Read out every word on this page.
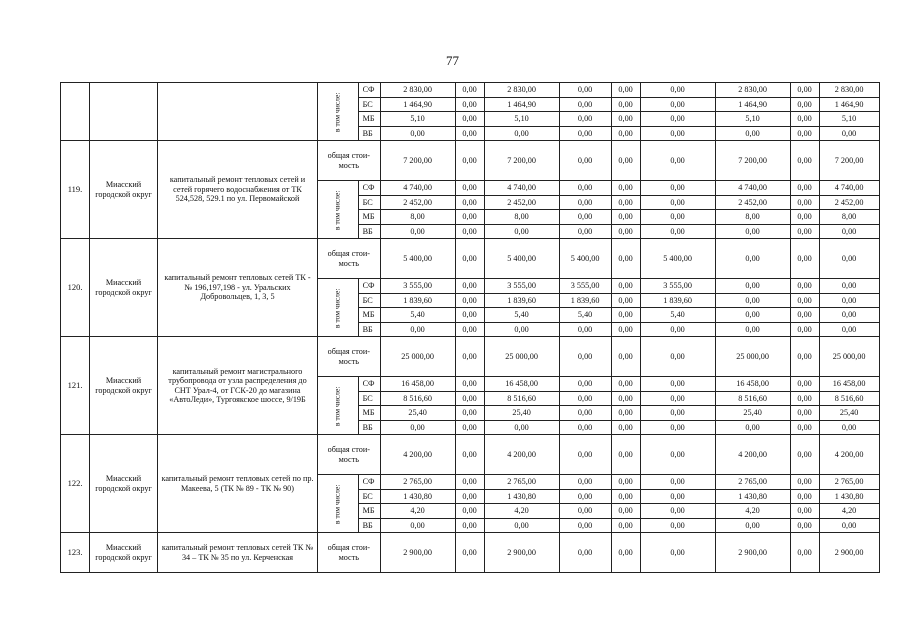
77
			в том числе:	СФ	2 830,00	0,00	2 830,00	0,00	0,00	0,00	2 830,00	0,00	2 830,00
				БС	1 464,90	0,00	1 464,90	0,00	0,00	0,00	1 464,90	0,00	1 464,90
				МБ	5,10	0,00	5,10	0,00	0,00	0,00	5,10	0,00	5,10
				ВБ	0,00	0,00	0,00	0,00	0,00	0,00	0,00	0,00	0,00
119.	Миасский городской округ	капитальный ремонт тепловых сетей и сетей горячего водоснабжения от ТК 524,528, 529.1 по ул. Первомайской	общая стои-мость		7 200,00	0,00	7 200,00	0,00	0,00	0,00	7 200,00	0,00	7 200,00
			в том числе:	СФ	4 740,00	0,00	4 740,00	0,00	0,00	0,00	4 740,00	0,00	4 740,00
				БС	2 452,00	0,00	2 452,00	0,00	0,00	0,00	2 452,00	0,00	2 452,00
				МБ	8,00	0,00	8,00	0,00	0,00	0,00	8,00	0,00	8,00
				ВБ	0,00	0,00	0,00	0,00	0,00	0,00	0,00	0,00	0,00
120.	Миасский городской округ	капитальный ремонт тепловых сетей ТК - № 196,197,198 - ул. Уральских Добровольцев, 1, 3, 5	общая стои-мость		5 400,00	0,00	5 400,00	5 400,00	0,00	5 400,00	0,00	0,00	0,00
			в том числе:	СФ	3 555,00	0,00	3 555,00	3 555,00	0,00	3 555,00	0,00	0,00	0,00
				БС	1 839,60	0,00	1 839,60	1 839,60	0,00	1 839,60	0,00	0,00	0,00
				МБ	5,40	0,00	5,40	5,40	0,00	5,40	0,00	0,00	0,00
				ВБ	0,00	0,00	0,00	0,00	0,00	0,00	0,00	0,00	0,00
121.	Миасский городской округ	капитальный ремонт магистрального трубопровода от узла распределения до СНТ Урал-4, от ГСК-20 до магазина «АвтоЛеди», Тургоякское шоссе, 9/19Б	общая стои-мость		25 000,00	0,00	25 000,00	0,00	0,00	0,00	25 000,00	0,00	25 000,00
			в том числе:	СФ	16 458,00	0,00	16 458,00	0,00	0,00	0,00	16 458,00	0,00	16 458,00
				БС	8 516,60	0,00	8 516,60	0,00	0,00	0,00	8 516,60	0,00	8 516,60
				МБ	25,40	0,00	25,40	0,00	0,00	0,00	25,40	0,00	25,40
				ВБ	0,00	0,00	0,00	0,00	0,00	0,00	0,00	0,00	0,00
122.	Миасский городской округ	капитальный ремонт тепловых сетей по пр. Макеева, 5 (ТК № 89 - ТК № 90)	общая стои-мость		4 200,00	0,00	4 200,00	0,00	0,00	0,00	4 200,00	0,00	4 200,00
			в том числе:	СФ	2 765,00	0,00	2 765,00	0,00	0,00	0,00	2 765,00	0,00	2 765,00
				БС	1 430,80	0,00	1 430,80	0,00	0,00	0,00	1 430,80	0,00	1 430,80
				МБ	4,20	0,00	4,20	0,00	0,00	0,00	4,20	0,00	4,20
				ВБ	0,00	0,00	0,00	0,00	0,00	0,00	0,00	0,00	0,00
123.	Миасский городской округ	капитальный ремонт тепловых сетей ТК № 34 – ТК № 35 по ул. Керченская	общая стои-мость		2 900,00	0,00	2 900,00	0,00	0,00	0,00	2 900,00	0,00	2 900,00
